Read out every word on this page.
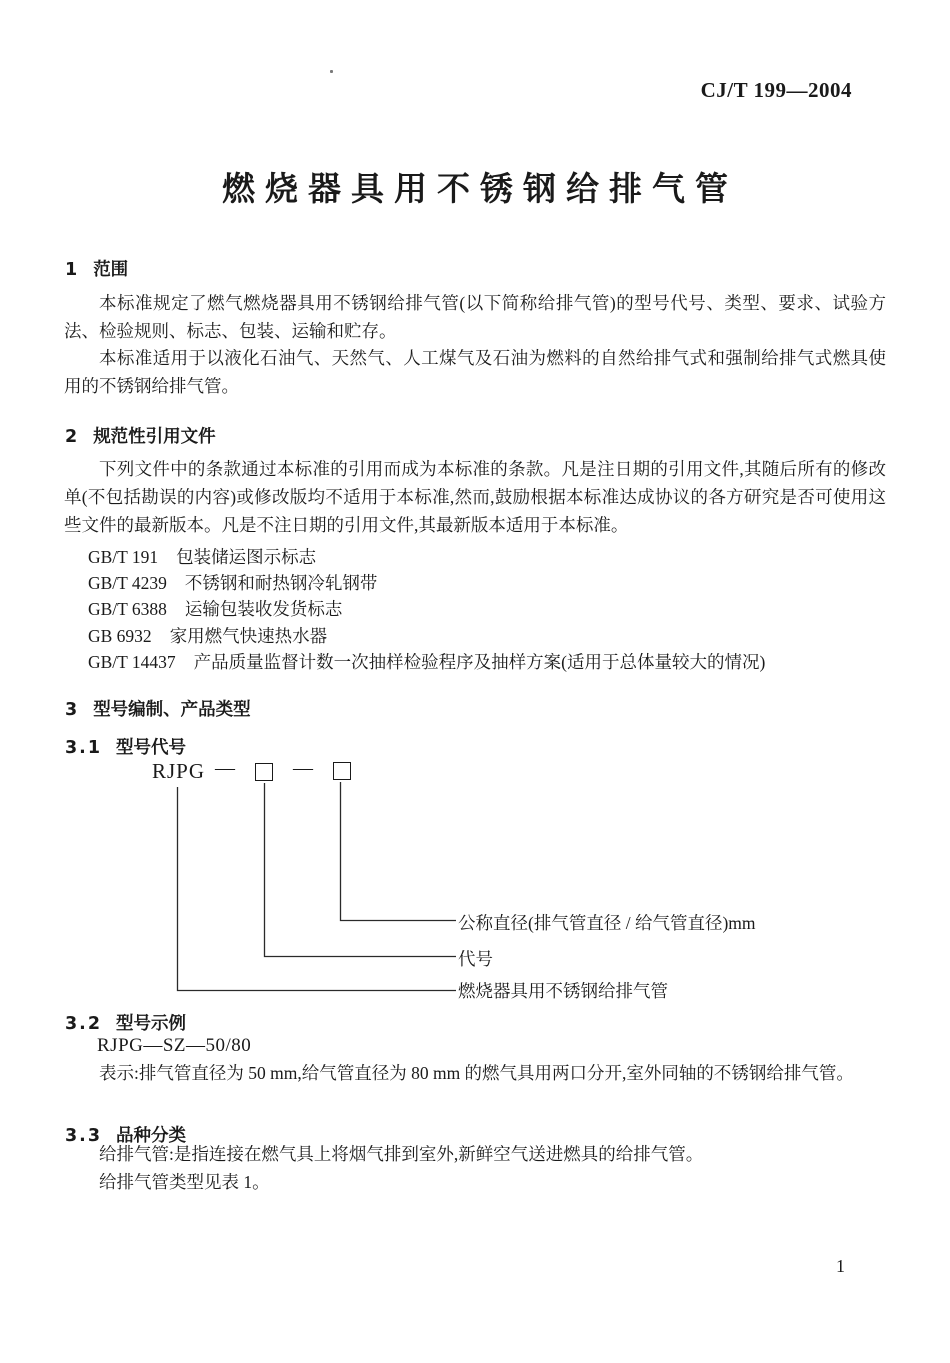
CJ/T 199—2004
燃烧器具用不锈钢给排气管
1 范围
本标准规定了燃气燃烧器具用不锈钢给排气管(以下简称给排气管)的型号代号、类型、要求、试验方法、检验规则、标志、包装、运输和贮存。
本标准适用于以液化石油气、天然气、人工煤气及石油为燃料的自然给排气式和强制给排气式燃具使用的不锈钢给排气管。
2 规范性引用文件
下列文件中的条款通过本标准的引用而成为本标准的条款。凡是注日期的引用文件,其随后所有的修改单(不包括勘误的内容)或修改版均不适用于本标准,然而,鼓励根据本标准达成协议的各方研究是否可使用这些文件的最新版本。凡是不注日期的引用文件,其最新版本适用于本标准。
GB/T 191 包装储运图示标志
GB/T 4239 不锈钢和耐热钢冷轧钢带
GB/T 6388 运输包装收发货标志
GB 6932 家用燃气快速热水器
GB/T 14437 产品质量监督计数一次抽样检验程序及抽样方案(适用于总体量较大的情况)
3 型号编制、产品类型
3.1 型号代号
RJPG —	—
公称直径(排气管直径 / 给气管直径)mm
代号
燃烧器具用不锈钢给排气管
3.2 型号示例
RJPG—SZ—50/80
表示:排气管直径为 50 mm,给气管直径为 80 mm 的燃气具用两口分开,室外同轴的不锈钢给排气管。
3.3 品种分类
给排气管:是指连接在燃气具上将烟气排到室外,新鲜空气送进燃具的给排气管。
给排气管类型见表 1。
1
